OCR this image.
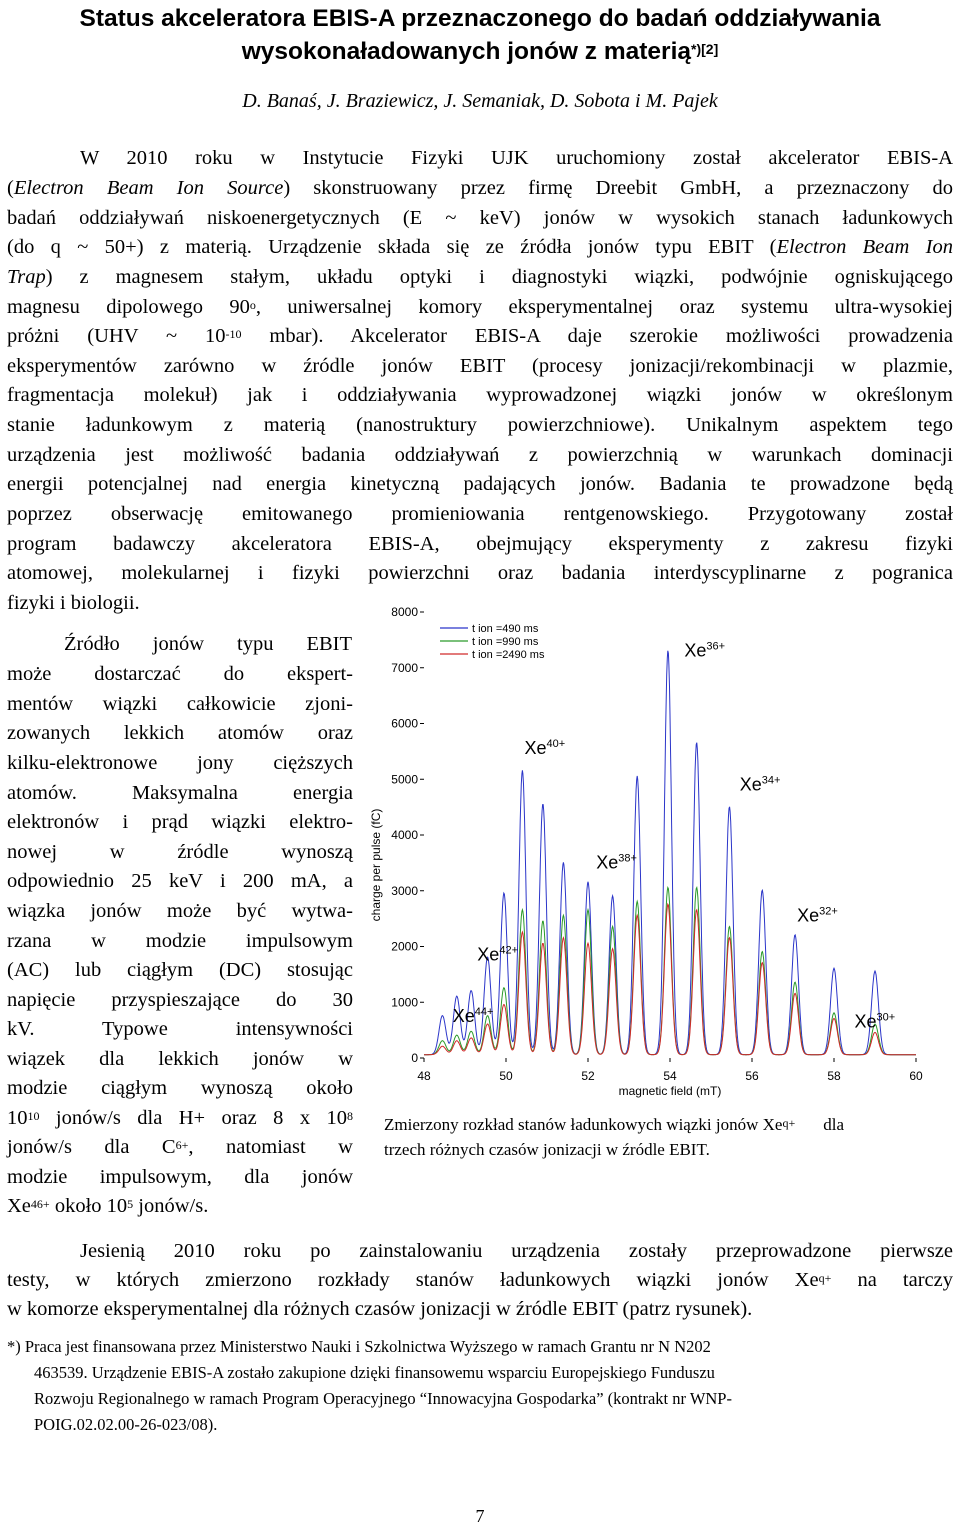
Status akceleratora EBIS-A przeznaczonego do badań oddziaływania
wysokonaładowanych jonów z materią$^{*)[2]}$
D. Banaś, J. Braziewicz, J. Semaniak, D. Sobota i M. Pajek
W 2010 roku w Instytucie Fizyki UJK uruchomiony został akcelerator EBIS-A
(Electron Beam Ion Source) skonstruowany przez firmę Dreebit GmbH, a przeznaczony do
badań oddziaływań niskoenergetycznych (E ~ keV) jonów w wysokich stanach ładunkowych
(do q ~ 50+) z materią. Urządzenie składa się ze źródła jonów typu EBIT (Electron Beam Ion
Trap) z magnesem stałym, układu optyki i diagnostyki wiązki, podwójnie ogniskującego
magnesu dipolowego 90$^o$, uniwersalnej komory eksperymentalnej oraz systemu ultra-wysokiej
próżni (UHV ~ $10^{-10}$ mbar). Akcelerator EBIS-A daje szerokie możliwości prowadzenia
eksperymentów zarówno w źródle jonów EBIT (procesy jonizacji/rekombinacji w plazmie,
fragmentacja molekuł) jak i oddziaływania wyprowadzonej wiązki jonów w określonym
stanie ładunkowym z materią (nanostruktury powierzchniowe). Unikalnym aspektem tego
urządzenia jest możliwość badania oddziaływań z powierzchnią w warunkach dominacji
energii potencjalnej nad energia kinetyczną padających jonów. Badania te prowadzone będą
poprzez obserwację emitowanego promieniowania rentgenowskiego. Przygotowany został
program badawczy akceleratora EBIS-A, obejmujący eksperymenty z zakresu fizyki
atomowej, molekularnej i fizyki powierzchni oraz badania interdyscyplinarne z pogranica
fizyki i biologii.
Źródło jonów typu EBIT
może dostarczać do ekspert-
mentów wiązki całkowicie zjoni-
zowanych lekkich atomów oraz
kilku-elektronowe jony cięższych
atomów. Maksymalna energia
elektronów i prąd wiązki elektro-
nowej w źródle wynoszą
odpowiednio 25 keV i 200 mA, a
wiązka jonów może być wytwa-
rzana w modzie impulsowym
(AC) lub ciągłym (DC) stosując
napięcie przyspieszające do 30
kV. Typowe intensywności
wiązek dla lekkich jonów w
modzie ciągłym wynoszą około
$10^{10}$ jonów/s dla H+ oraz 8 x $10^8$
jonów/s dla $C^{6+}$, natomiast w
modzie impulsowym, dla jonów
$Xe^{46+}$ około $10^5$ jonów/s.
0
1000
2000
3000
4000
5000
6000
7000
8000
48	50	52	54	56	58	60
magnetic field (mT)
charge per pulse (fC)
t ion =490 ms
t ion =990 ms
t ion =2490 ms
$Xe^{44+}$
$Xe^{42+}$
$Xe^{40+}$
$Xe^{38+}$
$Xe^{36+}$
$Xe^{34+}$
$Xe^{32+}$
$Xe^{30+}$
Zmierzony rozkład stanów ładunkowych wiązki jonów $Xe^{q+}$ dla
trzech różnych czasów jonizacji w źródle EBIT.
Jesienią 2010 roku po zainstalowaniu urządzenia zostały przeprowadzone pierwsze
testy, w których zmierzono rozkłady stanów ładunkowych wiązki jonów $Xe^{q+}$ na tarczy
w komorze eksperymentalnej dla różnych czasów jonizacji w źródle EBIT (patrz rysunek).
*) Praca jest finansowana przez Ministerstwo Nauki i Szkolnictwa Wyższego w ramach Grantu nr N N202
463539. Urządzenie EBIS-A zostało zakupione dzięki finansowemu wsparciu Europejskiego Funduszu
Rozwoju Regionalnego w ramach Program Operacyjnego “Innowacyjna Gospodarka” (kontrakt nr WNP-
POIG.02.02.00-26-023/08).
7
